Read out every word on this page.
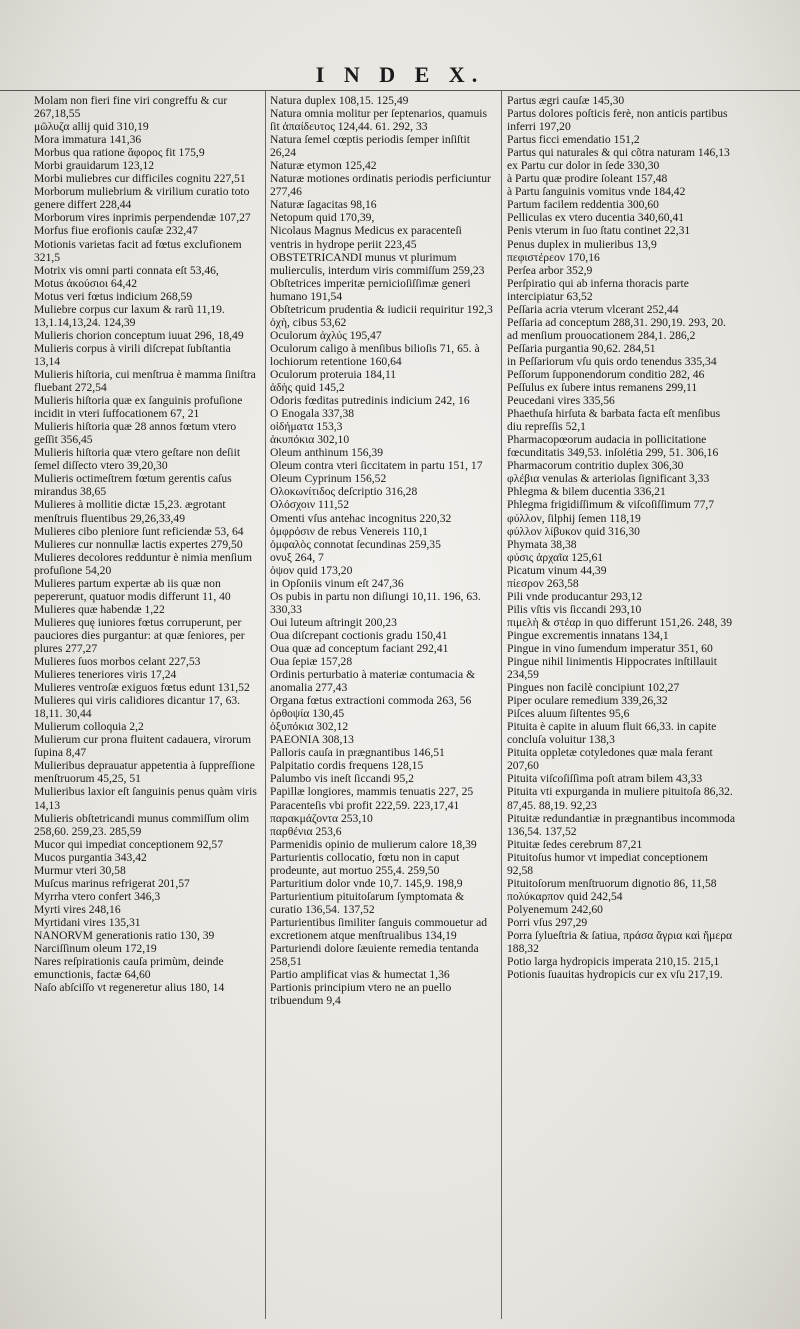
I N D E X.
Molam non fieri fine viri congreffu & cur 267,18,55
μῶλυζα allij quid 310,19
Mora immatura 141,36
Morbus qua ratione ἄφορος fit 175,9
Morbi grauidarum 123,12
Morbi muliebres cur difficiles cognitu 227,51
Morborum muliebrium & virilium curatio toto genere differt 228,44
Morborum vires inprimis perpendendæ 107,27
Morfus fiue erofionis cauſæ 232,47
Motionis varietas facit ad fœtus exclufionem 321,5
Motrix vis omni parti connata eſt 53,46,
Motus ἀκούσιοι 64,42
Motus veri fœtus indicium 268,59
Muliebre corpus cur laxum & rarũ 11,19. 13,1.14,13,24. 124,39
Mulieris chorion conceptum iuuat 296, 18,49
Mulieris corpus à virili diſcrepat ſubſtantia 13,14
Mulieris hiſtoria, cui menſtrua è mamma ſiniſtra fluebant 272,54
Mulieris hiſtoria quæ ex ſanguinis profuſione incidit in vteri ſuffocationem 67, 21
Mulieris hiſtoria quæ 28 annos fœtum vtero geſſit 356,45
Mulieris hiſtoria quæ vtero geſtare non deſiit ſemel diſſecto vtero 39,20,30
Mulieris octimeſtrem fœtum gerentis caſus mirandus 38,65
Mulieres à mollitie dictæ 15,23. ægrotant menſtruis fluentibus 29,26,33,49
Mulieres cibo pleniore ſunt reficiendæ 53, 64
Mulieres cur nonnullæ lactis expertes 279,50
Mulieres decolores redduntur è nimia menſium profuſione 54,20
Mulieres partum expertæ ab iis quæ non pepererunt, quatuor modis differunt 11, 40
Mulieres quæ habendæ 1,22
Mulieres quę iuniores fœtus corruperunt, per pauciores dies purgantur: at quæ ſeniores, per plures 277,27
Mulieres ſuos morbos celant 227,53
Mulieres teneriores viris 17,24
Mulieres ventroſæ exiguos fœtus edunt 131,52
Mulieres qui viris calidiores dicantur 17, 63. 18,11. 30,44
Mulierum colloquia 2,2
Mulierum cur prona fluitent cadauera, virorum ſupina 8,47
Mulieribus deprauatur appetentia à ſuppreſſione menſtruorum 45,25, 51
Mulieribus laxior eſt ſanguinis penus quàm viris 14,13
Mulieris obſtetricandi munus commiſſum olim 258,60. 259,23. 285,59
Mucor qui impediat conceptionem 92,57
Mucos purgantia 343,42
Murmur vteri 30,58
Muſcus marinus refrigerat 201,57
Myrrha vtero confert 346,3
Myrti vires 248,16
Myrtidani vires 135,31
NANORVM generationis ratio 130, 39
Narciſſinum oleum 172,19
Nares reſpirationis cauſa primùm, deinde emunctionis, factæ 64,60
Naſo abſciſſo vt regeneretur alius 180, 14
Natura duplex 108,15. 125,49
Natura omnia molitur per ſeptenarios, quamuis ſit ἀπαίδευτος 124,44. 61. 292, 33
Natura ſemel cœptis periodis ſemper inſiſtit 26,24
Naturæ etymon 125,42
Naturæ motiones ordinatis periodis perficiuntur 277,46
Naturæ ſagacitas 98,16
Netopum quid 170,39,
Nicolaus Magnus Medicus ex paracenteſi ventris in hydrope periit 223,45
OBSTETRICANDI munus vt plurimum mulierculis, interdum viris commiſſum 259,23
Obſtetrices imperitæ pernicioſiſſimæ generi humano 191,54
Obſtetricum prudentia & iudicii requiritur 192,3
ὀχὴ, cibus 53,62
Oculorum ἀχλύς 195,47
Oculorum caligo à menſibus bilioſis 71, 65. à lochiorum retentione 160,64
Oculorum proteruia 184,11
ἀδὴς quid 145,2
Odoris fœditas putredinis indicium 242, 16
O Enogala 337,38
οἰδήματα 153,3
ἀκυπόκια 302,10
Oleum anthinum 156,39
Oleum contra vteri ſiccitatem in partu 151, 17
Oleum Cyprinum 156,52
Ολοκωνίτιδος deſcriptio 316,28
Ολόσχοιν 111,52
Omenti vſus antehac incognitus 220,32
ὀμφρόσιν de rebus Venereis 110,1
ὀμφαλὸς connotat ſecundinas 259,35
ονυξ 264, 7
ὀψον quid 173,20
in Opſoniis vinum eſt 247,36
Os pubis in partu non diſiungi 10,11. 196, 63. 330,33
Oui luteum aſtringit 200,23
Oua diſcrepant coctionis gradu 150,41
Oua quæ ad conceptum faciant 292,41
Oua ſepiæ 157,28
Ordinis perturbatio à materiæ contumacia & anomalia 277,43
Organa fœtus extractioni commoda 263, 56
ὀρθοψία 130,45
ὀξυπόκια 302,12
PAEONIA 308,13
Palloris cauſa in prægnantibus 146,51
Palpitatio cordis frequens 128,15
Palumbo vis ineſt ſiccandi 95,2
Papillæ longiores, mammis tenuatis 227, 25
Paracenteſis vbi profit 222,59. 223,17,41
παρακμάζοντα 253,10
παρθένια 253,6
Parmenidis opinio de mulierum calore 18,39
Parturientis collocatio, fœtu non in caput prodeunte, aut mortuo 255,4. 259,50
Parturitium dolor vnde 10,7. 145,9. 198,9
Parturientium pituitoſarum ſymptomata & curatio 136,54. 137,52
Parturientibus ſimiliter ſanguis commouetur ad excretionem atque menſtrualibus 134,19
Parturiendi dolore ſæuiente remedia tentanda 258,51
Partio amplificat vias & humectat 1,36
Partionis principium vtero ne an puello tribuendum 9,4
Partus ægri cauſæ 145,30
Partus dolores poſticis ferè, non anticis partibus inferri 197,20
Partus ficci emendatio 151,2
Partus qui naturales & qui cõtra naturam 146,13
ex Partu cur dolor in ſede 330,30
à Partu quæ prodire ſoleant 157,48
à Partu ſanguinis vomitus vnde 184,42
Partum facilem reddentia 300,60
Pelliculas ex vtero ducentia 340,60,41
Penis vterum in ſuo ſtatu continet 22,31
Penus duplex in mulieribus 13,9
πεφιστέρεον 170,16
Perſea arbor 352,9
Perſpiratio qui ab inferna thoracis parte intercipiatur 63,52
Peſſaria acria vterum vlcerant 252,44
Peſſaria ad conceptum 288,31. 290,19. 293, 20. ad menſium prouocationem 284,1. 286,2
Peſſaria purgantia 90,62. 284,51
in Peſſariorum vſu quis ordo tenendus 335,34
Peſſorum ſupponendorum conditio 282, 46
Peſſulus ex ſubere intus remanens 299,11
Peucedani vires 335,56
Phaethuſa hirſuta & barbata facta eſt menſibus diu repreſſis 52,1
Pharmacopœorum audacia in pollicitatione fœcunditatis 349,53. inſolétia 299, 51. 306,16
Pharmacorum contritio duplex 306,30
φλέβια venulas & arteriolas ſignificant 3,33
Phlegma & bilem ducentia 336,21
Phlegma frigidiſſimum & viſcoſiſſimum 77,7
φύλλον, ſilphij ſemen 118,19
φύλλον λίβυκον quid 316,30
Phymata 38,38
φύσις ἀρχαῖα 125,61
Picatum vinum 44,39
πίεσρον 263,58
Pili vnde producantur 293,12
Pilis vſtis vis ſiccandi 293,10
πιμελὴ & στέαρ in quo differunt 151,26. 248, 39
Pingue excrementis innatans 134,1
Pingue in vino ſumendum imperatur 351, 60
Pingue nihil linimentis Hippocrates inſtillauit 234,59
Pingues non facilè concipiunt 102,27
Piper oculare remedium 339,26,32
Piſces aluum ſiſtentes 95,6
Pituita è capite in aluum fluit 66,33. in capite concluſa voluitur 138,3
Pituita oppletæ cotyledones quæ mala ferant 207,60
Pituita viſcoſiſſima poſt atram bilem 43,33
Pituita vti expurganda in muliere pituitoſa 86,32. 87,45. 88,19. 92,23
Pituitæ redundantiæ in prægnantibus incommoda 136,54. 137,52
Pituitæ ſedes cerebrum 87,21
Pituitoſus humor vt impediat conceptionem 92,58
Pituitoſorum menſtruorum dignotio 86, 11,58
πολύκαρπον quid 242,54
Polyenemum 242,60
Porri vſus 297,29
Porra ſylueſtria & ſatiua, πράσα ἄγρια καὶ ἥμερα 188,32
Potio larga hydropicis imperata 210,15. 215,1
Potionis ſuauitas hydropicis cur ex vſu 217,19.
